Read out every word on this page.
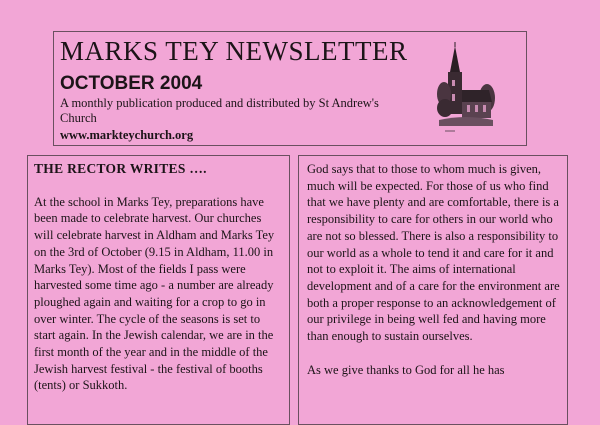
MARKS TEY NEWSLETTER
OCTOBER 2004
A monthly publication produced and distributed by St Andrew's Church
www.markteychurch.org
THE RECTOR WRITES ….

At the school in Marks Tey, preparations have been made to celebrate harvest. Our churches will celebrate harvest in Aldham and Marks Tey on the 3rd of October (9.15 in Aldham, 11.00 in Marks Tey). Most of the fields I pass were harvested some time ago - a number are already ploughed again and waiting for a crop to go in over winter. The cycle of the seasons is set to start again. In the Jewish calendar, we are in the first month of the year and in the middle of the Jewish harvest festival - the festival of booths (tents) or Sukkoth.

God says that to those to whom much is given, much will be expected. For those of us who find that we have plenty and are comfortable, there is a responsibility to care for others in our world who are not so blessed. There is also a responsibility to our world as a whole to tend it and care for it and not to exploit it. The aims of international development and of a care for the environment are both a proper response to an acknowledgement of our privilege in being well fed and having more than enough to sustain ourselves.

As we give thanks to God for all he has
